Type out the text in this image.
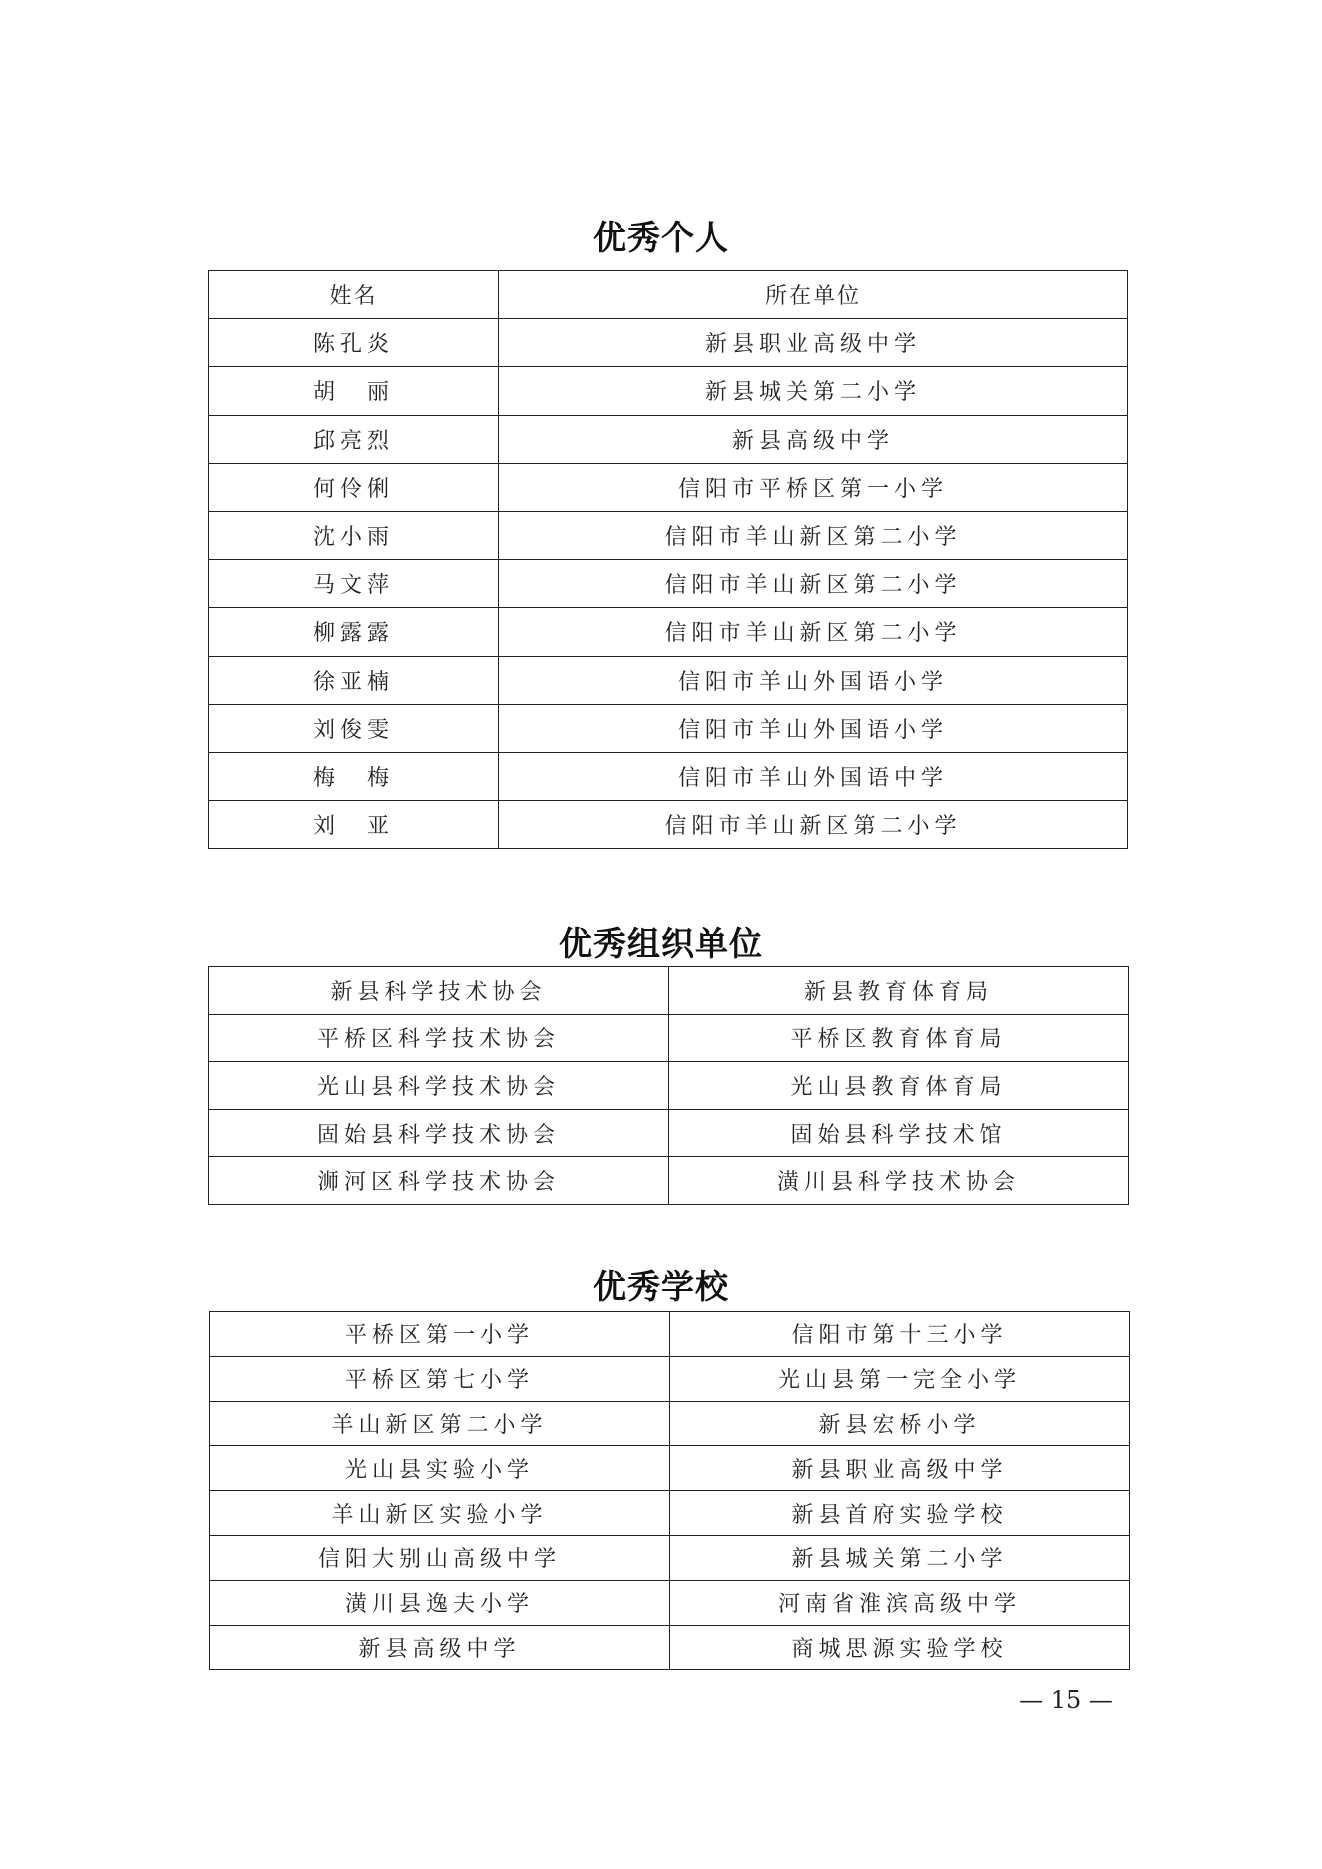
优秀个人
姓名	所在单位
陈孔炎	新县职业高级中学
胡　丽	新县城关第二小学
邱亮烈	新县高级中学
何伶俐	信阳市平桥区第一小学
沈小雨	信阳市羊山新区第二小学
马文萍	信阳市羊山新区第二小学
柳露露	信阳市羊山新区第二小学
徐亚楠	信阳市羊山外国语小学
刘俊雯	信阳市羊山外国语小学
梅　梅	信阳市羊山外国语中学
刘　亚	信阳市羊山新区第二小学
优秀组织单位
新县科学技术协会	新县教育体育局
平桥区科学技术协会	平桥区教育体育局
光山县科学技术协会	光山县教育体育局
固始县科学技术协会	固始县科学技术馆
浉河区科学技术协会	潢川县科学技术协会
优秀学校
平桥区第一小学	信阳市第十三小学
平桥区第七小学	光山县第一完全小学
羊山新区第二小学	新县宏桥小学
光山县实验小学	新县职业高级中学
羊山新区实验小学	新县首府实验学校
信阳大别山高级中学	新县城关第二小学
潢川县逸夫小学	河南省淮滨高级中学
新县高级中学	商城思源实验学校
— 15 —
